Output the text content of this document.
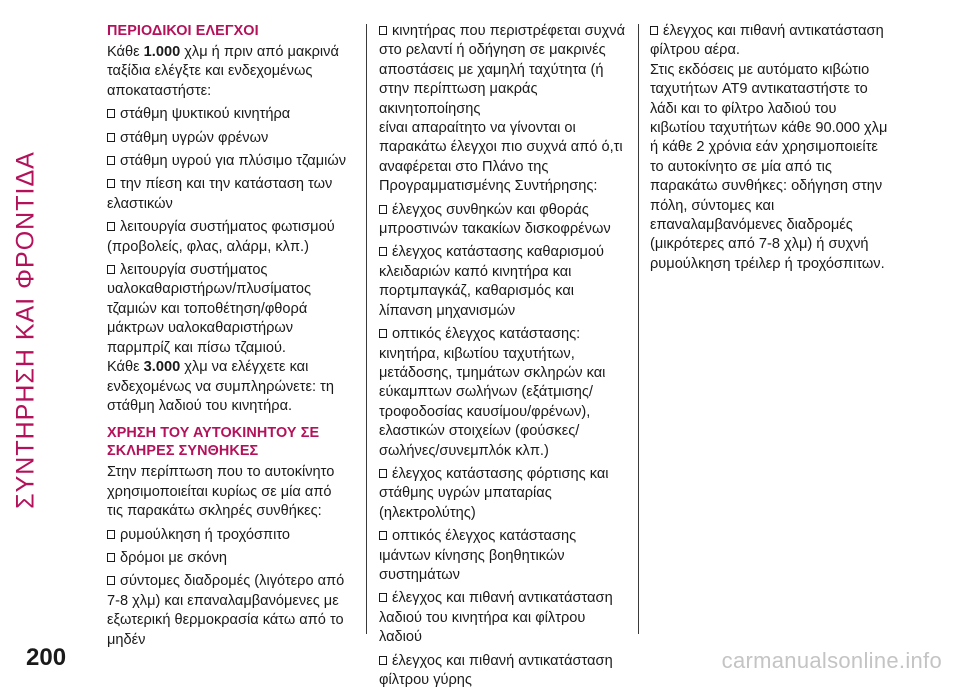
ΣΥΝΤΗΡΗΣΗ ΚΑΙ ΦΡΟΝΤΙΔΑ
200
ΠΕΡΙΟΔΙΚΟΙ ΕΛΕΓΧΟΙ

Κάθε 1.000 χλμ ή πριν από μακρινά ταξίδια ελέγξτε και ενδεχομένως αποκαταστήστε:

στάθμη ψυκτικού κινητήρα
στάθμη υγρών φρένων
στάθμη υγρού για πλύσιμο τζαμιών
την πίεση και την κατάσταση των ελαστικών
λειτουργία συστήματος φωτισμού (προβολείς, φλας, αλάρμ, κλπ.)
λειτουργία συστήματος υαλοκαθαριστήρων/πλυσίματος τζαμιών και τοποθέτηση/φθορά μάκτρων υαλοκαθαριστήρων παρμπρίζ και πίσω τζαμιού.

Κάθε 3.000 χλμ να ελέγχετε και ενδεχομένως να συμπληρώνετε: τη στάθμη λαδιού του κινητήρα.

ΧΡΗΣΗ ΤΟΥ ΑΥΤΟΚΙΝΗΤΟΥ ΣΕ ΣΚΛΗΡΕΣ ΣΥΝΘΗΚΕΣ

Στην περίπτωση που το αυτοκίνητο χρησιμοποιείται κυρίως σε μία από τις παρακάτω σκληρές συνθήκες:

ρυμούλκηση ή τροχόσπιτο
δρόμοι με σκόνη
σύντομες διαδρομές (λιγότερο από 7-8 χλμ) και επαναλαμβανόμενες με εξωτερική θερμοκρασία κάτω από το μηδέν
κινητήρας που περιστρέφεται συχνά στο ρελαντί ή οδήγηση σε μακρινές αποστάσεις με χαμηλή ταχύτητα (ή στην περίπτωση μακράς ακινητοποίησης

είναι απαραίτητο να γίνονται οι παρακάτω έλεγχοι πιο συχνά από ό,τι αναφέρεται στο Πλάνο της Προγραμματισμένης Συντήρησης:

έλεγχος συνθηκών και φθοράς μπροστινών τακακίων δισκοφρένων
έλεγχος κατάστασης καθαρισμού κλειδαριών καπό κινητήρα και πορτμπαγκάζ, καθαρισμός και λίπανση μηχανισμών
οπτικός έλεγχος κατάστασης: κινητήρα, κιβωτίου ταχυτήτων, μετάδοσης, τμημάτων σκληρών και εύκαμπτων σωλήνων (εξάτμισης/τροφοδοσίας καυσίμου/φρένων), ελαστικών στοιχείων (φούσκες/σωλήνες/συνεμπλόκ κλπ.)
έλεγχος κατάστασης φόρτισης και στάθμης υγρών μπαταρίας (ηλεκτρολύτης)
οπτικός έλεγχος κατάστασης ιμάντων κίνησης βοηθητικών συστημάτων
έλεγχος και πιθανή αντικατάσταση λαδιού του κινητήρα και φίλτρου λαδιού
έλεγχος και πιθανή αντικατάσταση φίλτρου γύρης
έλεγχος και πιθανή αντικατάσταση φίλτρου αέρα.

Στις εκδόσεις με αυτόματο κιβώτιο ταχυτήτων AT9 αντικαταστήστε το λάδι και το φίλτρο λαδιού του κιβωτίου ταχυτήτων κάθε 90.000 χλμ ή κάθε 2 χρόνια εάν χρησιμοποιείτε το αυτοκίνητο σε μία από τις παρακάτω συνθήκες: οδήγηση στην πόλη, σύντομες και επαναλαμβανόμενες διαδρομές (μικρότερες από 7-8 χλμ) ή συχνή ρυμούλκηση τρέιλερ ή τροχόσπιτων.

carmanualsonline.info
